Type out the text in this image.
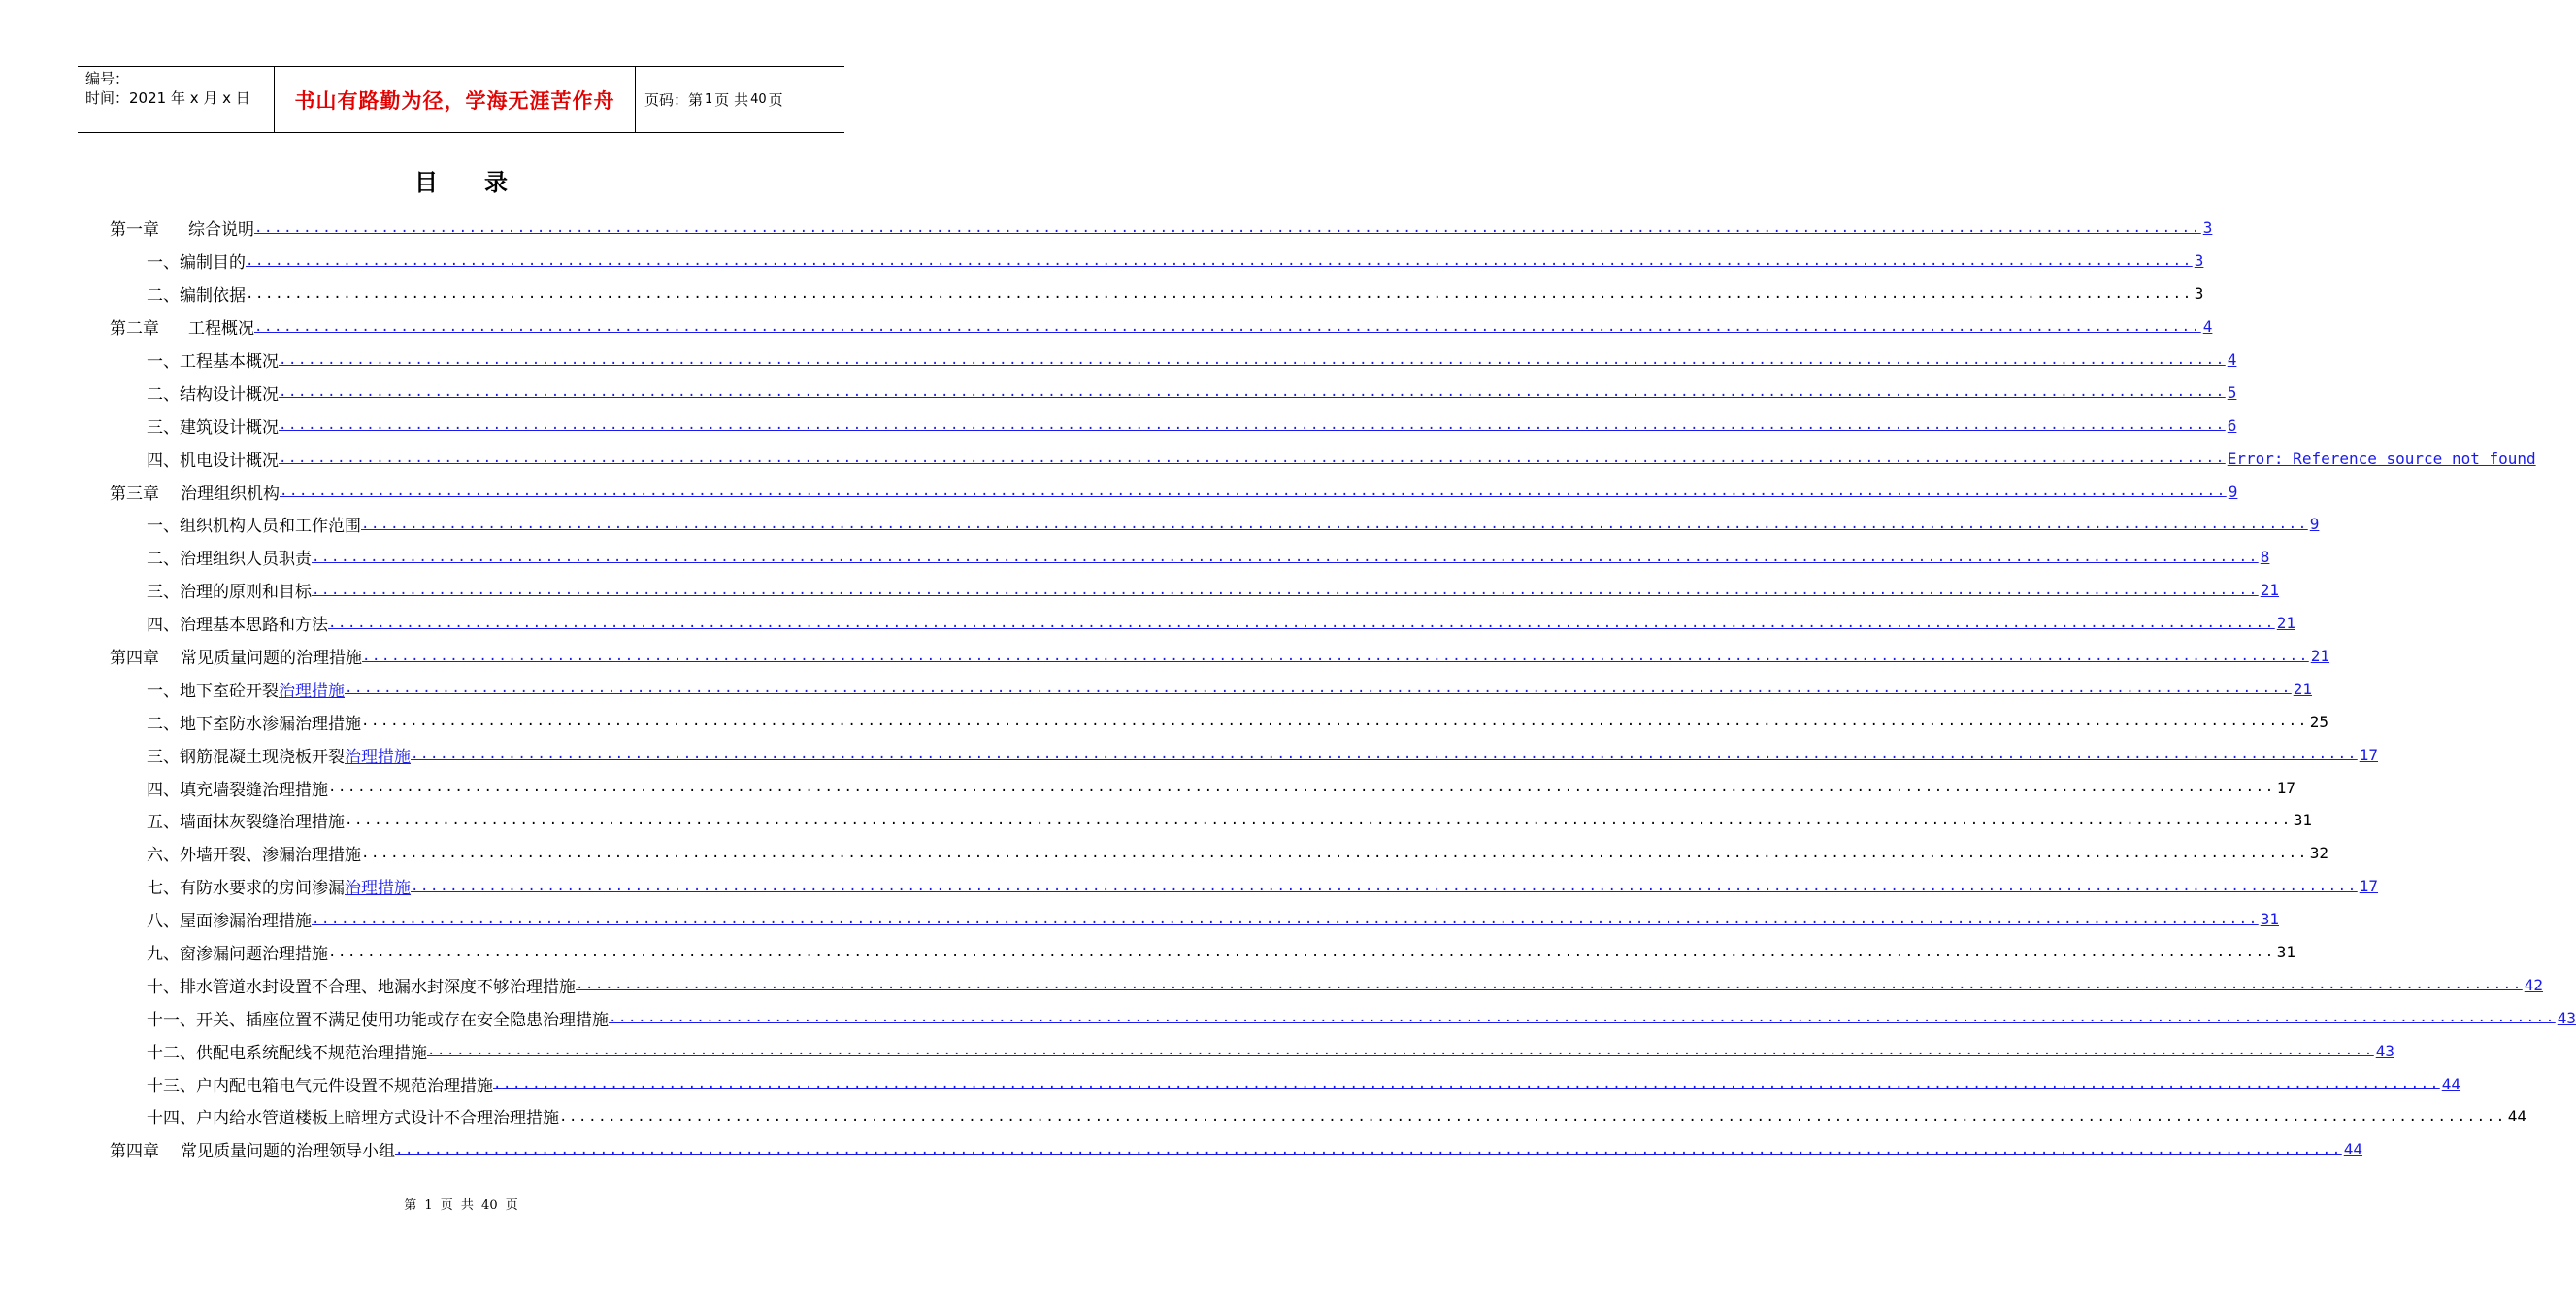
编号：
时间：2021 年 x 月 x 日	书山有路勤为径，学海无涯苦作舟	页码：第 1 页 共 40 页
目 录
第一章 综合说明 ........................................................................................................................................................................................................ 3
一、编制目的 ........................................................................................................................................................................................................ 3
二、编制依据 ........................................................................................................................................................................................................ 3
第二章 工程概况 ........................................................................................................................................................................................................ 4
一、工程基本概况 ........................................................................................................................................................................................................ 4
二、结构设计概况 ........................................................................................................................................................................................................ 5
三、建筑设计概况 ........................................................................................................................................................................................................ 6
四、机电设计概况 ........................................................................................................................................................................................................ Error: Reference source not found
第三章 治理组织机构 ........................................................................................................................................................................................................ 9
一、组织机构人员和工作范围 ........................................................................................................................................................................................................ 9
二、治理组织人员职责 ........................................................................................................................................................................................................ 8
三、治理的原则和目标 ........................................................................................................................................................................................................ 21
四、治理基本思路和方法 ........................................................................................................................................................................................................ 21
第四章 常见质量问题的治理措施 ........................................................................................................................................................................................................ 21
一、地下室砼开裂 治理措施 ........................................................................................................................................................................................................ 21
二、地下室防水渗漏治理措施 ........................................................................................................................................................................................................ 25
三、钢筋混凝土现浇板开裂 治理措施 ........................................................................................................................................................................................................ 17
四、填充墙裂缝治理措施 ........................................................................................................................................................................................................ 17
五、墙面抹灰裂缝治理措施 ........................................................................................................................................................................................................ 31
六、外墙开裂、渗漏治理措施 ........................................................................................................................................................................................................ 32
七、有防水要求的房间渗漏 治理措施 ........................................................................................................................................................................................................ 17
八、屋面渗漏治理措施 ........................................................................................................................................................................................................ 31
九、窗渗漏问题治理措施 ........................................................................................................................................................................................................ 31
十、排水管道水封设置不合理、地漏水封深度不够治理措施 ........................................................................................................................................................................................................ 42
十一、开关、插座位置不满足使用功能或存在安全隐患治理措施 ........................................................................................................................................................................................................ 43
十二、供配电系统配线不规范治理措施 ........................................................................................................................................................................................................ 43
十三、户内配电箱电气元件设置不规范治理措施 ........................................................................................................................................................................................................ 44
十四、户内给水管道楼板上暗埋方式设计不合理治理措施 ........................................................................................................................................................................................................ 44
第四章 常见质量问题的治理领导小组 ........................................................................................................................................................................................................ 44
第 1 页 共 40 页
